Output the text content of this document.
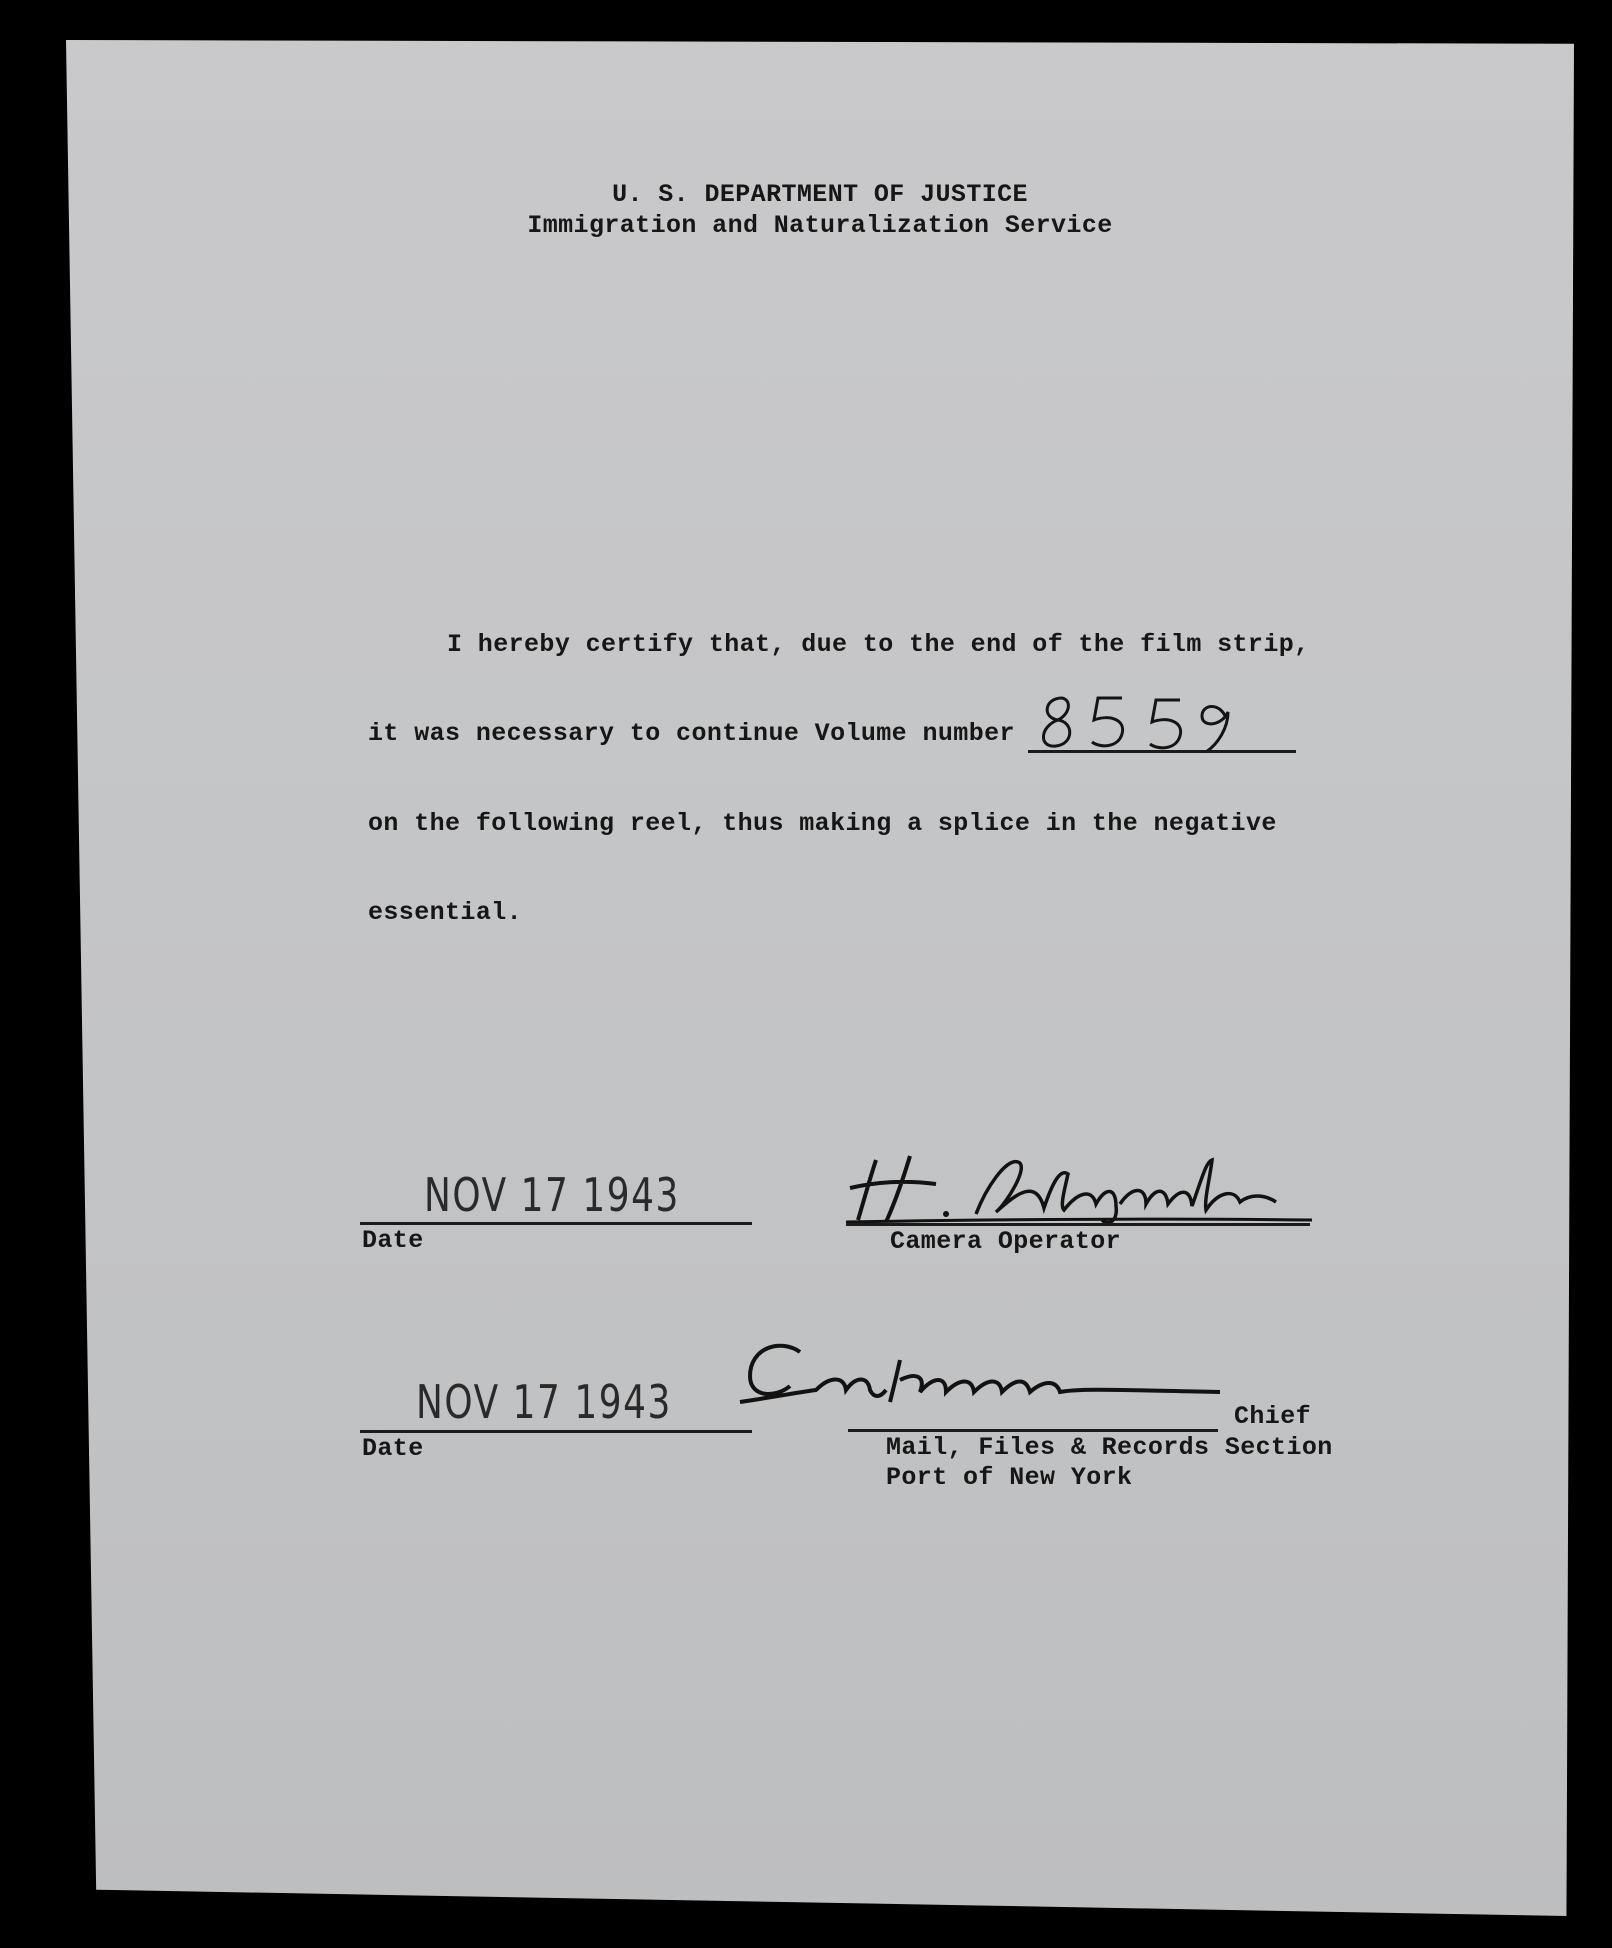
U. S. DEPARTMENT OF JUSTICE
Immigration and Naturalization Service
I hereby certify that, due to the end of the film strip,
it was necessary to continue Volume number
on the following reel, thus making a splice in the negative
essential.
NOV 17 1943
Date	Camera Operator
NOV 17 1943
Date
Chief
Mail, Files & Records Section
Port of New York
